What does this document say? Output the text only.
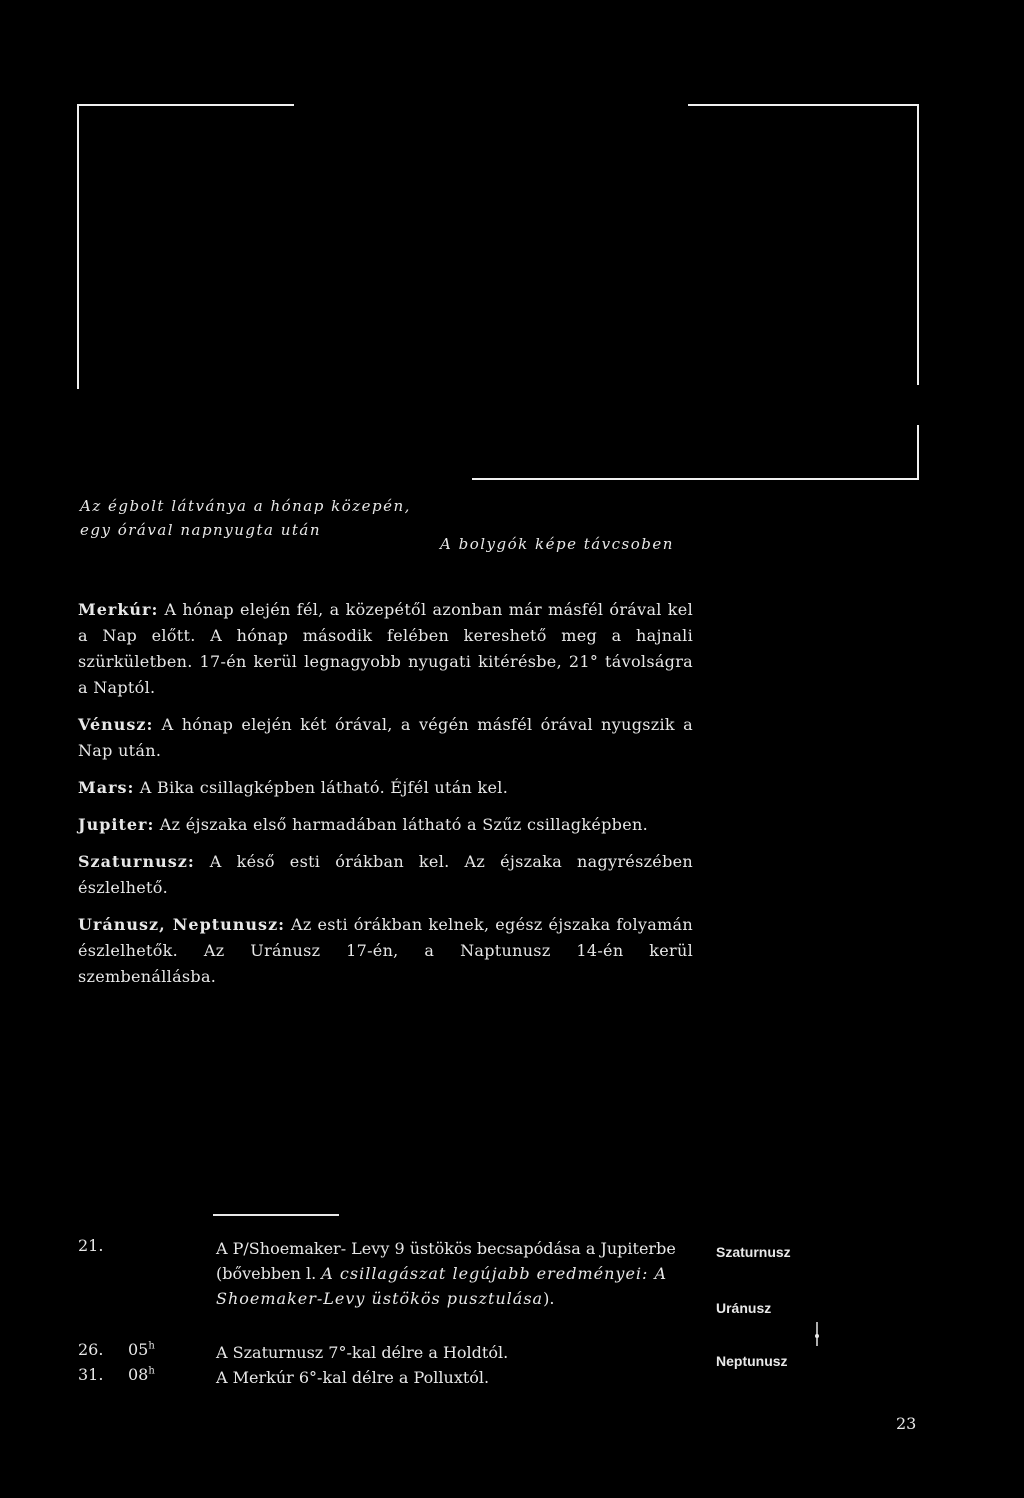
Az égbolt látványa a hónap közepén,
egy órával napnyugta után
A bolygók képe távcsoben

Merkúr: A hónap elején fél, a közepétől azonban már másfél órával kel a Nap előtt. A hónap második felében kereshető meg a hajnali szürkületben. 17-én kerül legnagyobb nyugati kitérésbe, 21° távolságra a Naptól.

Vénusz: A hónap elején két órával, a végén másfél órával nyugszik a Nap után.

Mars: A Bika csillagképben látható. Éjfél után kel.

Jupiter: Az éjszaka első harmadában látható a Szűz csillagképben.

Szaturnusz: A késő esti órákban kel. Az éjszaka nagyrészében észlelhető.

Uránusz, Neptunusz: Az esti órákban kelnek, egész éjszaka folyamán észlelhetők. Az Uránusz 17-én, a Naptunusz 14-én kerül szembenállásba.

21.	A P/Shoemaker- Levy 9 üstökös becsapódása a Jupiterbe (bővebben l. A csillagászat legújabb eredményei: A Shoemaker-Levy üstökös pusztulása).
26. 05$^h$	A Szaturnusz 7°-kal délre a Holdtól.
31. 08$^h$	A Merkúr 6°-kal délre a Polluxtól.
Szaturnusz
Uránusz
Neptunusz
23
